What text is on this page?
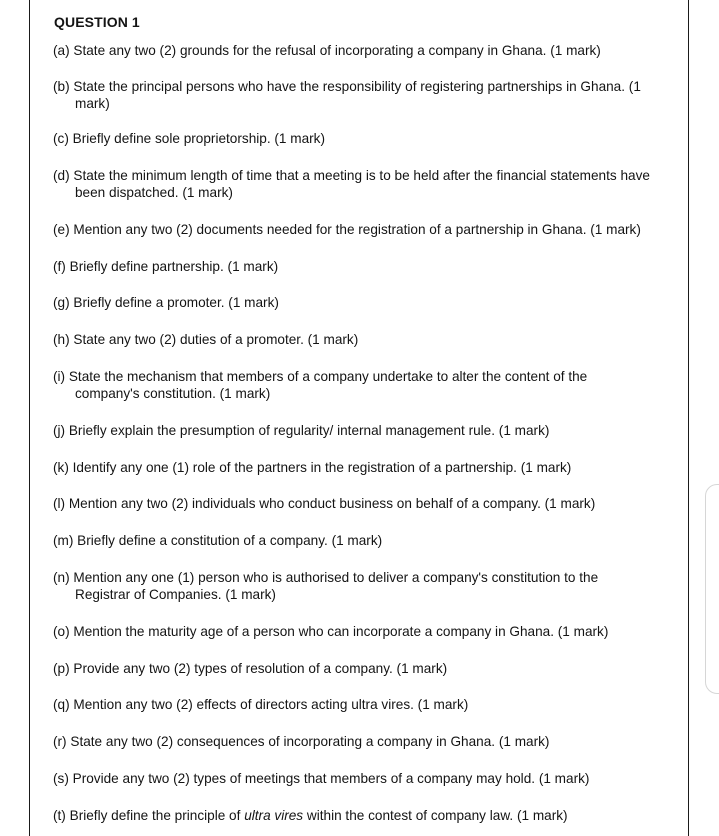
QUESTION 1
(a) State any two (2) grounds for the refusal of incorporating a company in Ghana. (1 mark)
(b) State the principal persons who have the responsibility of registering partnerships in Ghana. (1
mark)
(c) Briefly define sole proprietorship. (1 mark)
(d) State the minimum length of time that a meeting is to be held after the financial statements have
been dispatched. (1 mark)
(e) Mention any two (2) documents needed for the registration of a partnership in Ghana. (1 mark)
(f) Briefly define partnership. (1 mark)
(g) Briefly define a promoter. (1 mark)
(h) State any two (2) duties of a promoter. (1 mark)
(i) State the mechanism that members of a company undertake to alter the content of the
company's constitution. (1 mark)
(j) Briefly explain the presumption of regularity/ internal management rule. (1 mark)
(k) Identify any one (1) role of the partners in the registration of a partnership. (1 mark)
(l) Mention any two (2) individuals who conduct business on behalf of a company. (1 mark)
(m) Briefly define a constitution of a company. (1 mark)
(n) Mention any one (1) person who is authorised to deliver a company's constitution to the
Registrar of Companies. (1 mark)
(o) Mention the maturity age of a person who can incorporate a company in Ghana. (1 mark)
(p) Provide any two (2) types of resolution of a company. (1 mark)
(q) Mention any two (2) effects of directors acting ultra vires. (1 mark)
(r) State any two (2) consequences of incorporating a company in Ghana. (1 mark)
(s) Provide any two (2) types of meetings that members of a company may hold. (1 mark)
(t) Briefly define the principle of ultra vires within the contest of company law. (1 mark)
